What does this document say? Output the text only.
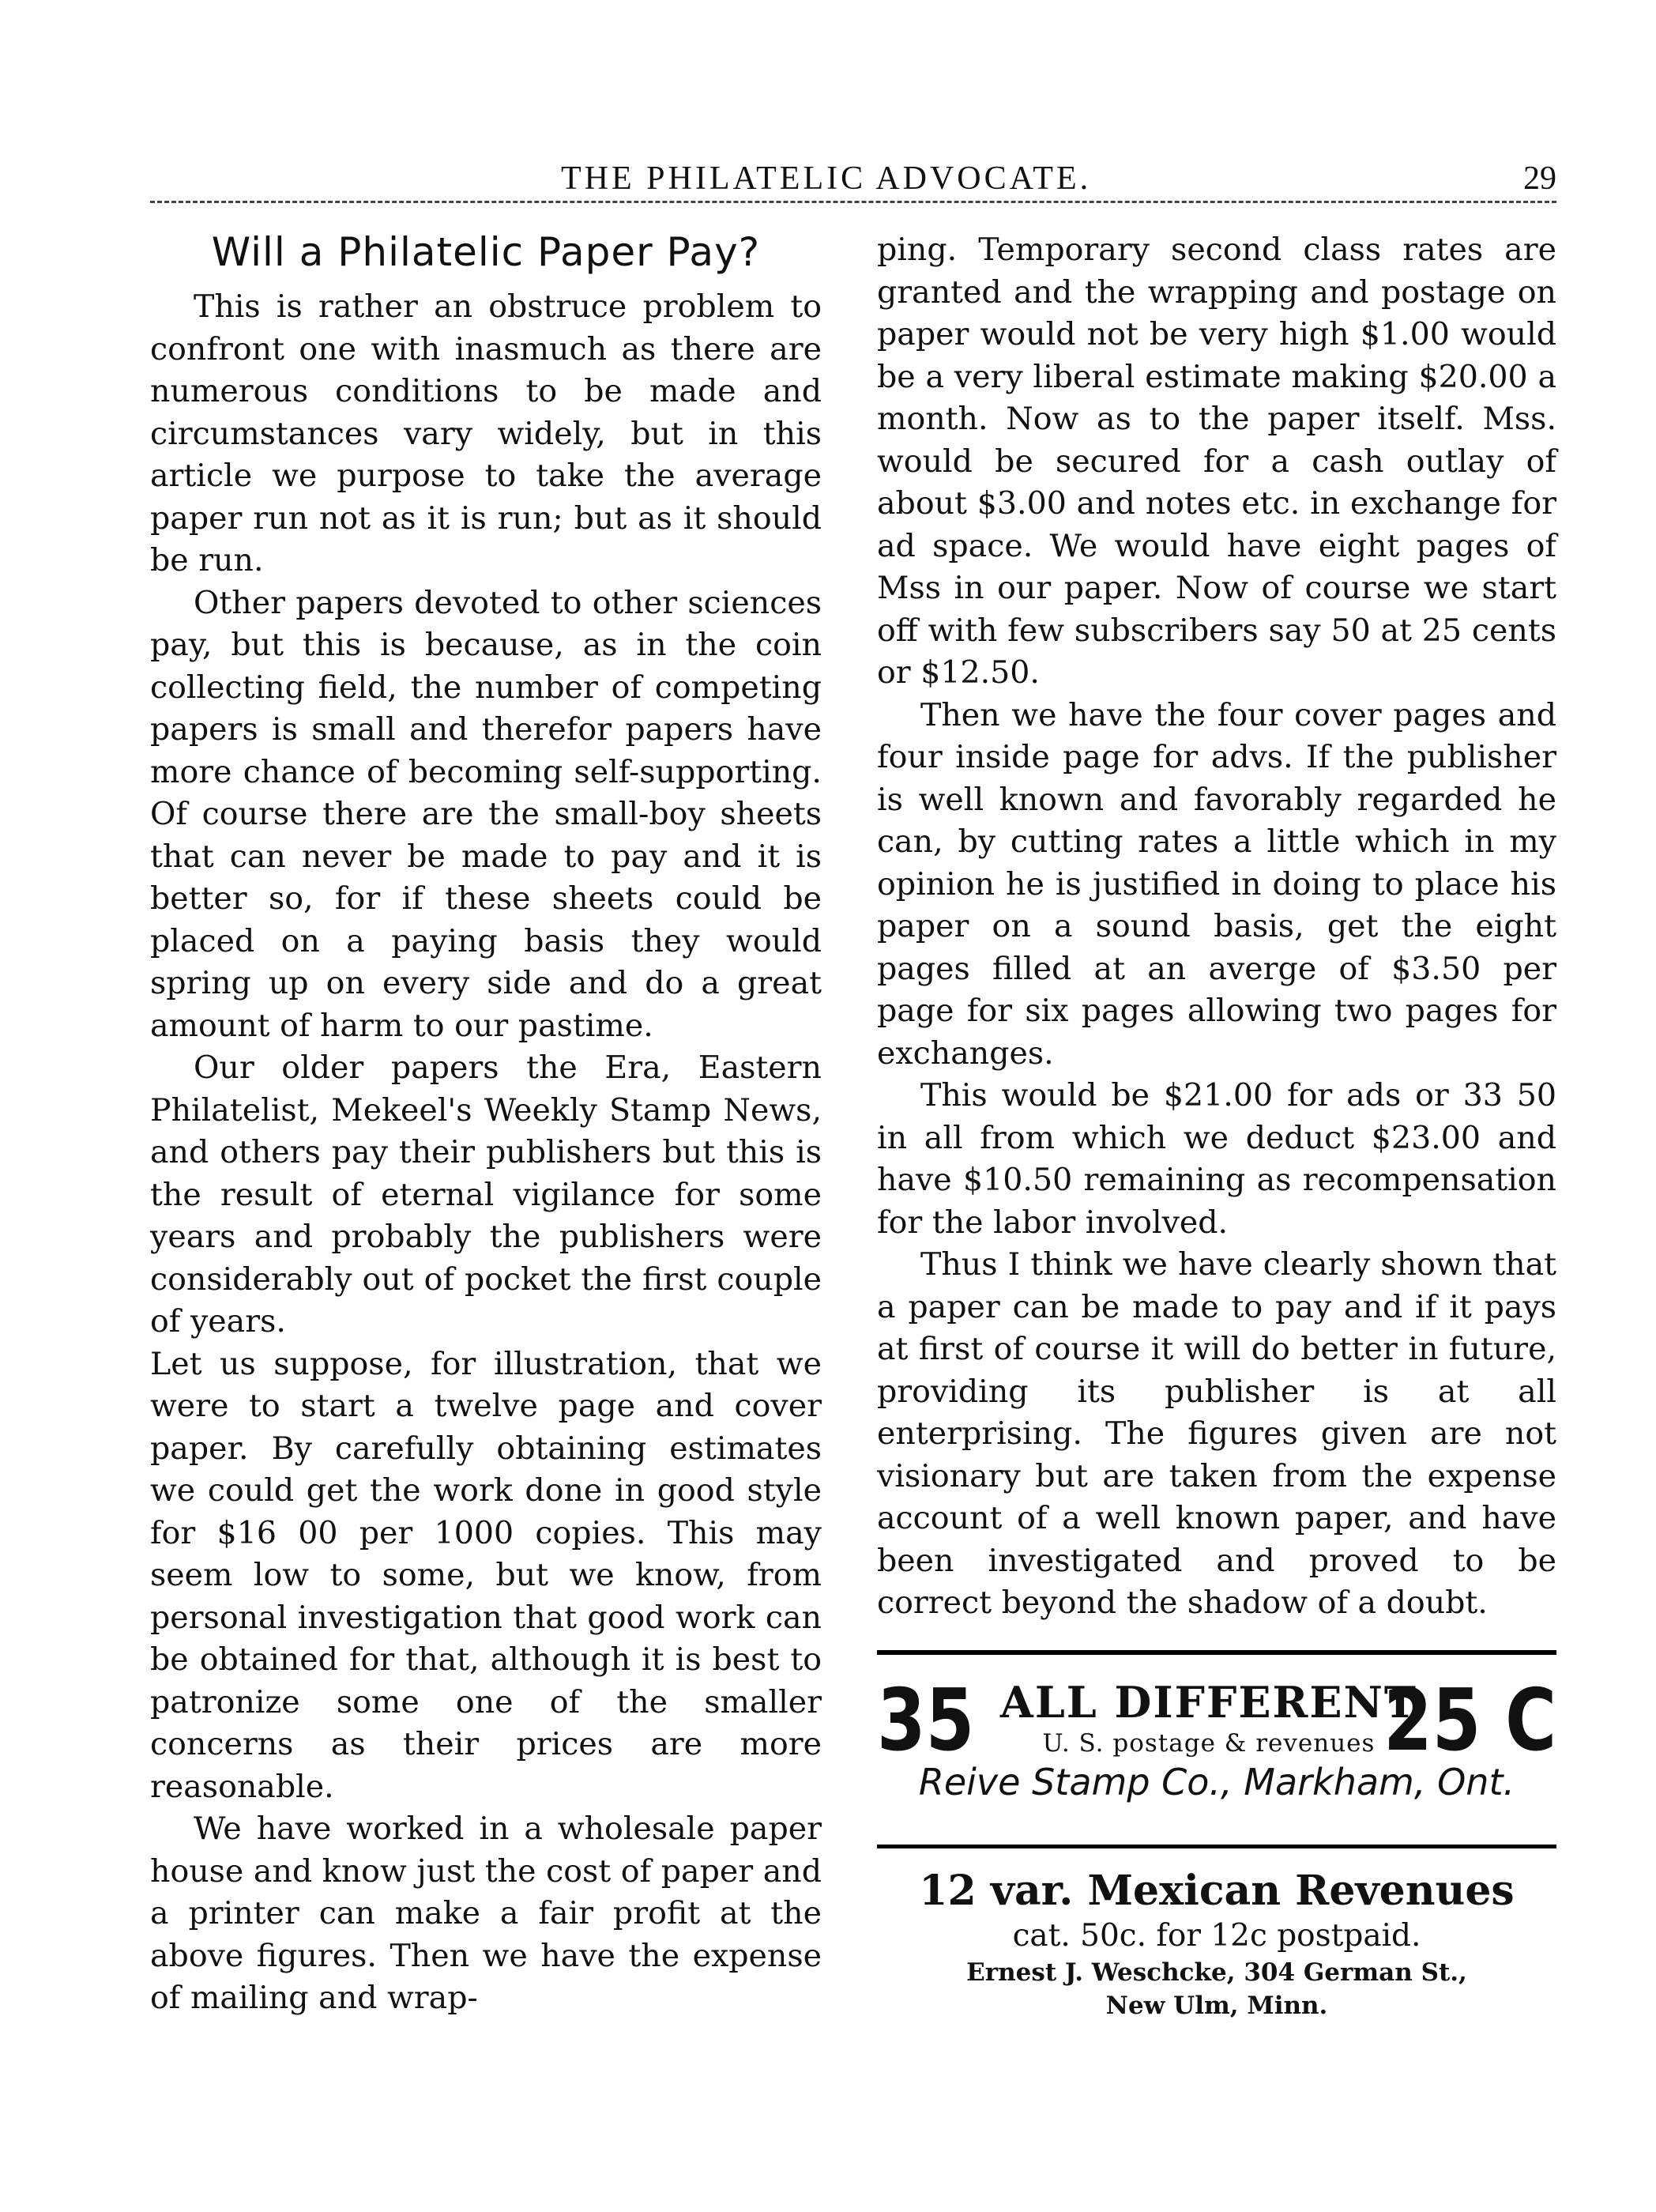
THE PHILATELIC ADVOCATE.	29
Will a Philatelic Paper Pay?

This is rather an obstruce problem to confront one with inasmuch as there are numerous conditions to be made and circumstances vary widely, but in this article we purpose to take the average paper run not as it is run; but as it should be run.

Other papers devoted to other sciences pay, but this is because, as in the coin collecting field, the number of competing papers is small and therefor papers have more chance of becoming self-supporting. Of course there are the small-boy sheets that can never be made to pay and it is better so, for if these sheets could be placed on a paying basis they would spring up on every side and do a great amount of harm to our pastime.

Our older papers the Era, Eastern Philatelist, Mekeel's Weekly Stamp News, and others pay their publishers but this is the result of eternal vigilance for some years and probably the publishers were considerably out of pocket the first couple of years.

Let us suppose, for illustration, that we were to start a twelve page and cover paper. By carefully obtaining estimates we could get the work done in good style for $16 00 per 1000 copies. This may seem low to some, but we know, from personal investigation that good work can be obtained for that, although it is best to patronize some one of the smaller concerns as their prices are more reasonable.

We have worked in a wholesale paper house and know just the cost of paper and a printer can make a fair profit at the above figures. Then we have the expense of mailing and wrap-

ping. Temporary second class rates are granted and the wrapping and postage on paper would not be very high $1.00 would be a very liberal estimate making $20.00 a month. Now as to the paper itself. Mss. would be secured for a cash outlay of about $3.00 and notes etc. in exchange for ad space. We would have eight pages of Mss in our paper. Now of course we start off with few subscribers say 50 at 25 cents or $12.50.

Then we have the four cover pages and four inside page for advs. If the publisher is well known and favorably regarded he can, by cutting rates a little which in my opinion he is justified in doing to place his paper on a sound basis, get the eight pages filled at an averge of $3.50 per page for six pages allowing two pages for exchanges.

This would be $21.00 for ads or 33 50 in all from which we deduct $23.00 and have $10.50 remaining as recompensation for the labor involved.

Thus I think we have clearly shown that a paper can be made to pay and if it pays at first of course it will do better in future, providing its publisher is at all enterprising. The figures given are not visionary but are taken from the expense account of a well known paper, and have been investigated and proved to be correct beyond the shadow of a doubt.

35 ALL DIFFERENT
U. S. postage & revenues 25 C
Reive Stamp Co., Markham, Ont.
12 var. Mexican Revenues
cat. 50c. for 12c postpaid.
Ernest J. Weschcke, 304 German St.,
New Ulm, Minn.
